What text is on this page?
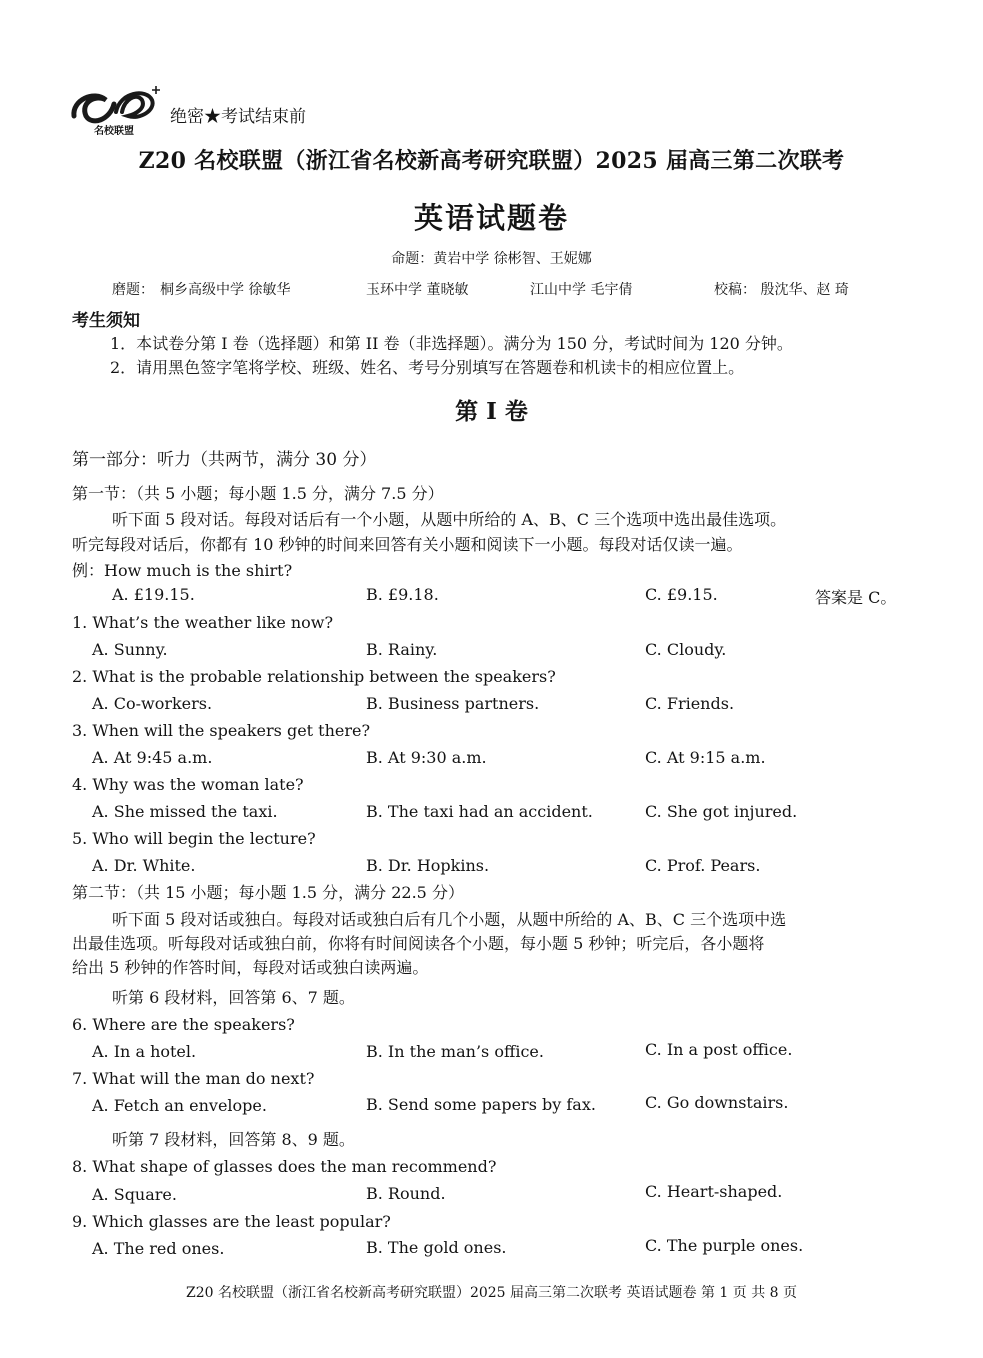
名校联盟
绝密★考试结束前
Z20 名校联盟（浙江省名校新高考研究联盟）2025 届高三第二次联考
英语试题卷
命题：黄岩中学 徐彬智、王妮娜
磨题： 桐乡高级中学 徐敏华	玉环中学 董晓敏	江山中学 毛宇倩	校稿： 殷沈华、赵 琦
考生须知
1．本试卷分第 I 卷（选择题）和第 II 卷（非选择题）。满分为 150 分，考试时间为 120 分钟。
2．请用黑色签字笔将学校、班级、姓名、考号分别填写在答题卷和机读卡的相应位置上。
第 I 卷
第一部分：听力（共两节，满分 30 分）
第一节：（共 5 小题；每小题 1.5 分，满分 7.5 分）
听下面 5 段对话。每段对话后有一个小题，从题中所给的 A、B、C 三个选项中选出最佳选项。
听完每段对话后，你都有 10 秒钟的时间来回答有关小题和阅读下一小题。每段对话仅读一遍。
例：How much is the shirt?
A. £19.15.	B. £9.18.	C. £9.15.	答案是 C。
1. What’s the weather like now?
A. Sunny.	B. Rainy.	C. Cloudy.
2. What is the probable relationship between the speakers?
A. Co-workers.	B. Business partners.	C. Friends.
3. When will the speakers get there?
A. At 9:45 a.m.	B. At 9:30 a.m.	C. At 9:15 a.m.
4. Why was the woman late?
A. She missed the taxi.	B. The taxi had an accident.	C. She got injured.
5. Who will begin the lecture?
A. Dr. White.	B. Dr. Hopkins.	C. Prof. Pears.
第二节：（共 15 小题；每小题 1.5 分，满分 22.5 分）
听下面 5 段对话或独白。每段对话或独白后有几个小题，从题中所给的 A、B、C 三个选项中选
出最佳选项。听每段对话或独白前，你将有时间阅读各个小题，每小题 5 秒钟；听完后，各小题将
给出 5 秒钟的作答时间，每段对话或独白读两遍。
听第 6 段材料，回答第 6、7 题。
6. Where are the speakers?
A. In a hotel.	B. In the man’s office.	C. In a post office.
7. What will the man do next?
A. Fetch an envelope.	B. Send some papers by fax.	C. Go downstairs.
听第 7 段材料，回答第 8、9 题。
8. What shape of glasses does the man recommend?
A. Square.	B. Round.	C. Heart-shaped.
9. Which glasses are the least popular?
A. The red ones.	B. The gold ones.	C. The purple ones.
Z20 名校联盟（浙江省名校新高考研究联盟）2025 届高三第二次联考 英语试题卷 第 1 页 共 8 页
